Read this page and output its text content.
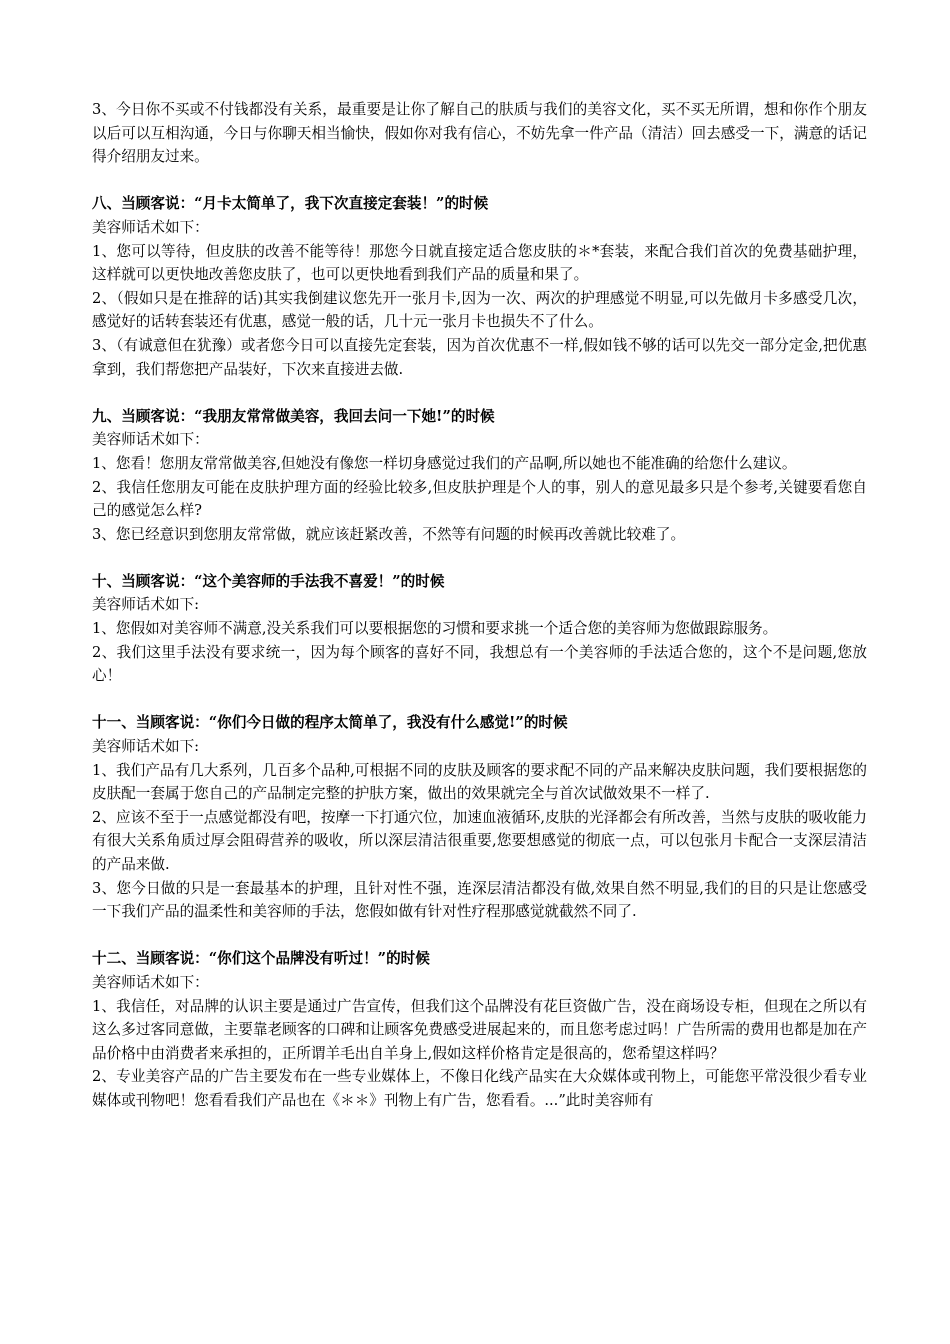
3、今日你不买或不付钱都没有关系，最重要是让你了解自己的肤质与我们的美容文化，买不买无所谓，想和你作个朋友以后可以互相沟通，今日与你聊天相当愉快，假如你对我有信心，不妨先拿一件产品（清洁）回去感受一下，满意的话记得介绍朋友过来。

八、当顾客说：“月卡太简单了，我下次直接定套装！”的时候

美容师话术如下：

1、您可以等待，但皮肤的改善不能等待！那您今日就直接定适合您皮肤的＊*套装，来配合我们首次的免费基础护理，这样就可以更快地改善您皮肤了，也可以更快地看到我们产品的质量和果了。

2、（假如只是在推辞的话)其实我倒建议您先开一张月卡,因为一次、两次的护理感觉不明显,可以先做月卡多感受几次，感觉好的话转套装还有优惠，感觉一般的话，几十元一张月卡也损失不了什么。

3、（有诚意但在犹豫）或者您今日可以直接先定套装，因为首次优惠不一样,假如钱不够的话可以先交一部分定金,把优惠拿到，我们帮您把产品装好，下次来直接进去做.

九、当顾客说：“我朋友常常做美容，我回去问一下她!”的时候

美容师话术如下：

1、您看！您朋友常常做美容,但她没有像您一样切身感觉过我们的产品啊,所以她也不能准确的给您什么建议。

2、我信任您朋友可能在皮肤护理方面的经验比较多,但皮肤护理是个人的事，别人的意见最多只是个参考,关键要看您自己的感觉怎么样?

3、您已经意识到您朋友常常做，就应该赶紧改善，不然等有问题的时候再改善就比较难了。

十、当顾客说：“这个美容师的手法我不喜爱！”的时候

美容师话术如下:

1、您假如对美容师不满意,没关系我们可以要根据您的习惯和要求挑一个适合您的美容师为您做跟踪服务。

2、我们这里手法没有要求统一，因为每个顾客的喜好不同，我想总有一个美容师的手法适合您的，这个不是问题,您放心！

十一、当顾客说：“你们今日做的程序太简单了，我没有什么感觉!”的时候

美容师话术如下:

1、我们产品有几大系列，几百多个品种,可根据不同的皮肤及顾客的要求配不同的产品来解决皮肤问题，我们要根据您的皮肤配一套属于您自己的产品制定完整的护肤方案，做出的效果就完全与首次试做效果不一样了.

2、应该不至于一点感觉都没有吧，按摩一下打通穴位，加速血液循环,皮肤的光泽都会有所改善，当然与皮肤的吸收能力有很大关系角质过厚会阻碍营养的吸收，所以深层清洁很重要,您要想感觉的彻底一点，可以包张月卡配合一支深层清洁的产品来做.

3、您今日做的只是一套最基本的护理，且针对性不强，连深层清洁都没有做,效果自然不明显,我们的目的只是让您感受一下我们产品的温柔性和美容师的手法，您假如做有针对性疗程那感觉就截然不同了.

十二、当顾客说：“你们这个品牌没有听过！”的时候

美容师话术如下：

1、我信任，对品牌的认识主要是通过广告宣传，但我们这个品牌没有花巨资做广告，没在商场设专柜，但现在之所以有这么多过客同意做，主要靠老顾客的口碑和让顾客免费感受进展起来的，而且您考虑过吗！广告所需的费用也都是加在产品价格中由消费者来承担的，正所谓羊毛出自羊身上,假如这样价格肯定是很高的，您希望这样吗？

2、专业美容产品的广告主要发布在一些专业媒体上，不像日化线产品实在大众媒体或刊物上，可能您平常没很少看专业媒体或刊物吧！您看看我们产品也在《＊＊》刊物上有广告，您看看。...”此时美容师有
